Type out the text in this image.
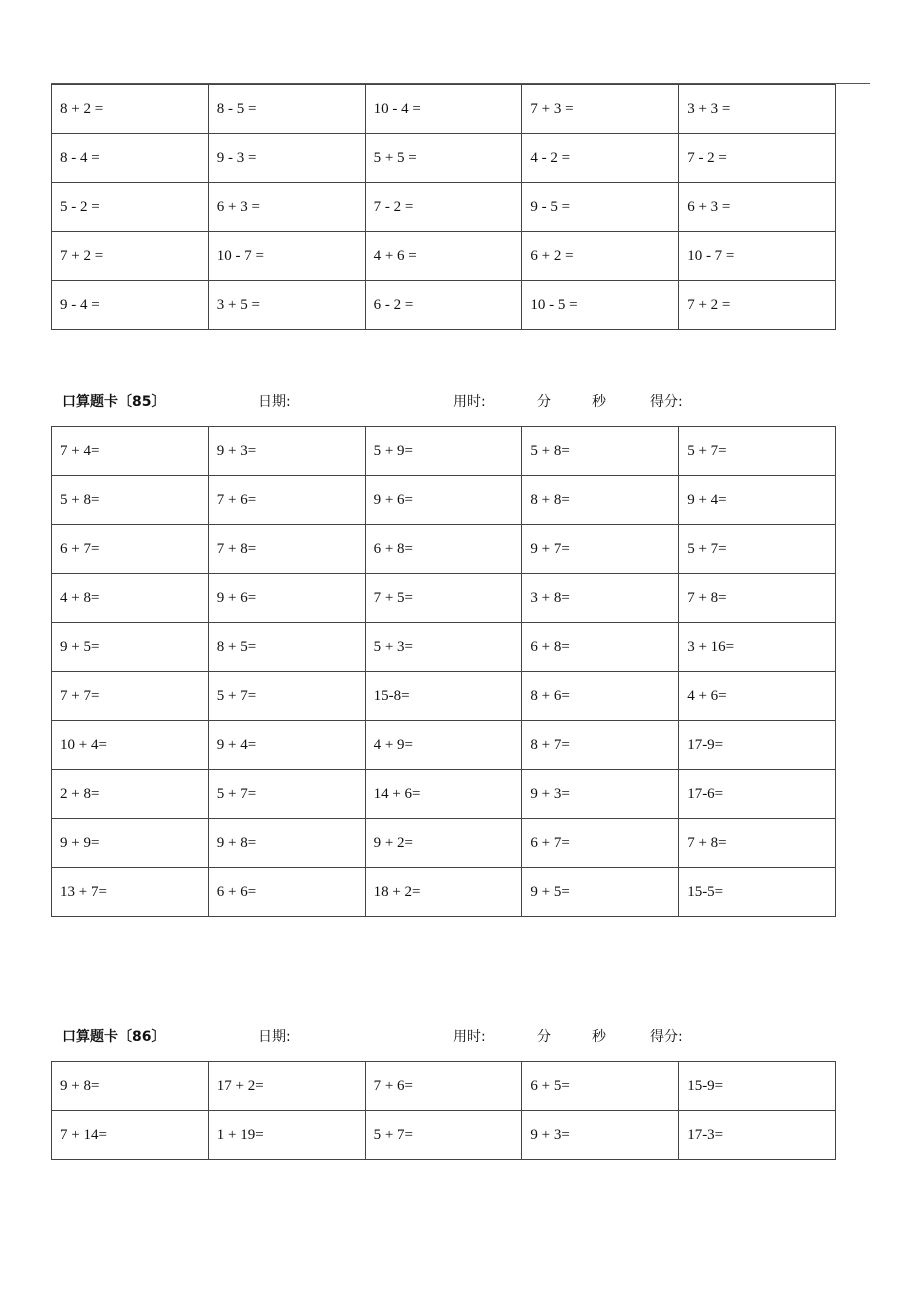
8 + 2 =	8 - 5 =	10 - 4 =	7 + 3 =	3 + 3 =
8 - 4 =	9 - 3 =	5 + 5 =	4 - 2 =	7 - 2 =
5 - 2 =	6 + 3 =	7 - 2 =	9 - 5 =	6 + 3 =
7 + 2 =	10 - 7 =	4 + 6 =	6 + 2 =	10 - 7 =
9 - 4 =	3 + 5 =	6 - 2 =	10 - 5 =	7 + 2 =
口算题卡〔85〕	日期:	用时:	分	秒	得分:
7 + 4=	9 + 3=	5 + 9=	5 + 8=	5 + 7=
5 + 8=	7 + 6=	9 + 6=	8 + 8=	9 + 4=
6 + 7=	7 + 8=	6 + 8=	9 + 7=	5 + 7=
4 + 8=	9 + 6=	7 + 5=	3 + 8=	7 + 8=
9 + 5=	8 + 5=	5 + 3=	6 + 8=	3 + 16=
7 + 7=	5 + 7=	15-8=	8 + 6=	4 + 6=
10 + 4=	9 + 4=	4 + 9=	8 + 7=	17-9=
2 + 8=	5 + 7=	14 + 6=	9 + 3=	17-6=
9 + 9=	9 + 8=	9 + 2=	6 + 7=	7 + 8=
13 + 7=	6 + 6=	18 + 2=	9 + 5=	15-5=
口算题卡〔86〕	日期:	用时:	分	秒	得分:
9 + 8=	17 + 2=	7 + 6=	6 + 5=	15-9=
7 + 14=	1 + 19=	5 + 7=	9 + 3=	17-3=
